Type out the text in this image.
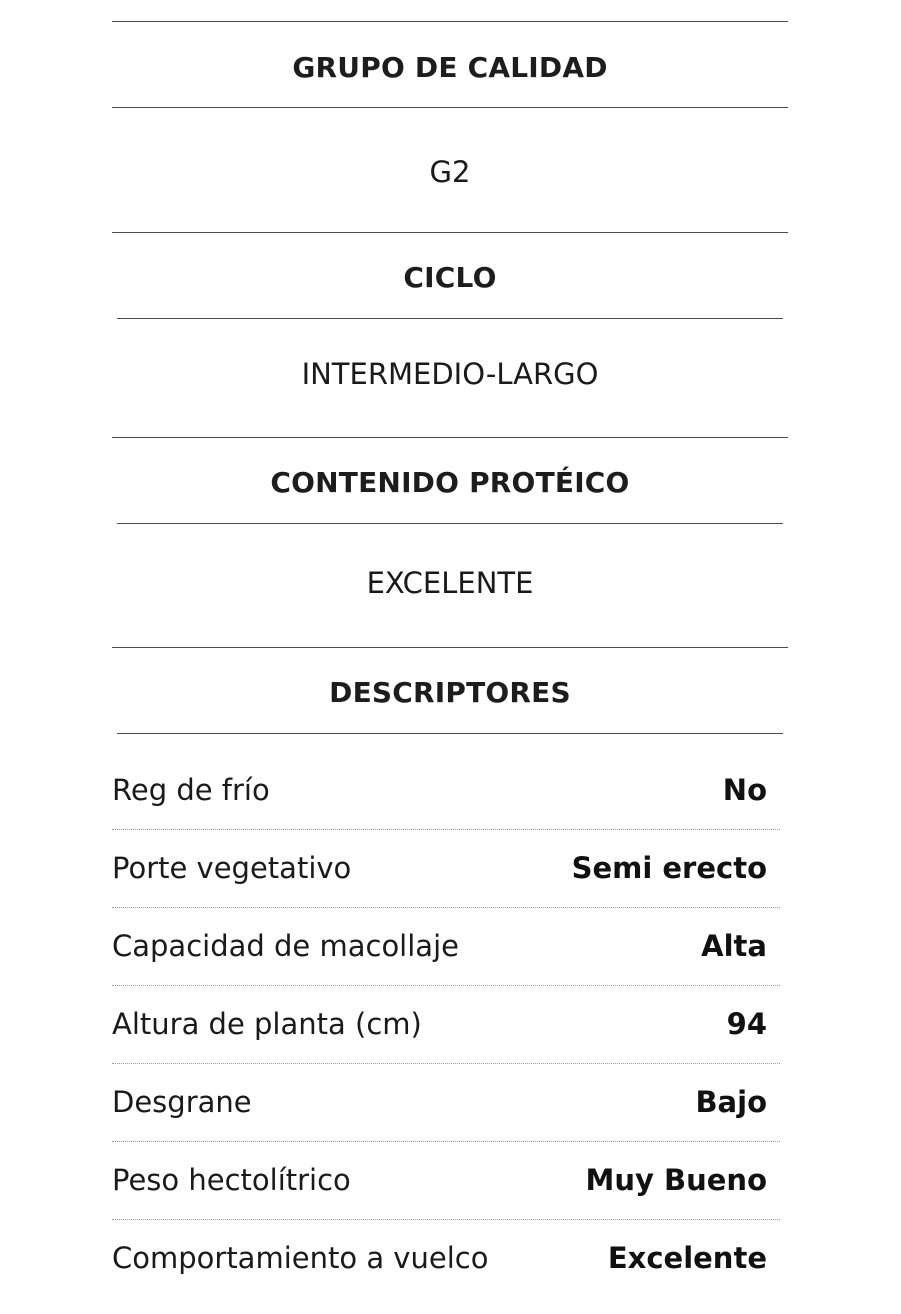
GRUPO DE CALIDAD
G2
CICLO
INTERMEDIO-LARGO
CONTENIDO PROTÉICO
EXCELENTE
DESCRIPTORES
Reg de frío	No
Porte vegetativo	Semi erecto
Capacidad de macollaje	Alta
Altura de planta (cm)	94
Desgrane	Bajo
Peso hectolítrico	Muy Bueno
Comportamiento a vuelco	Excelente
